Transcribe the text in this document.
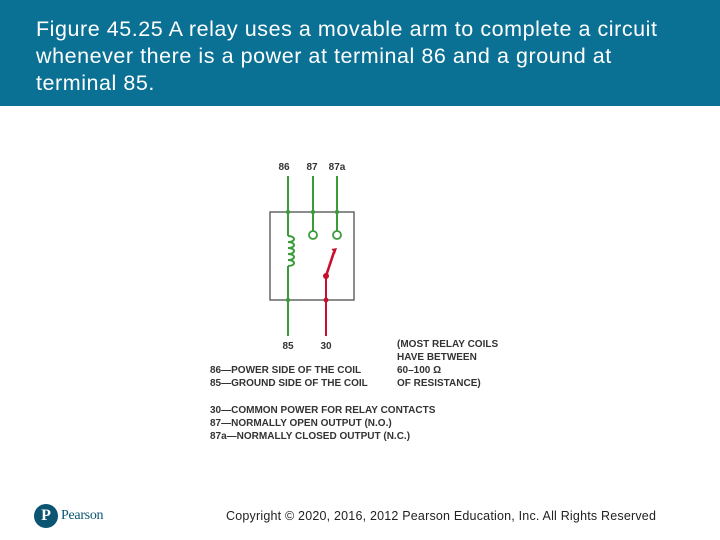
Figure 45.25 A relay uses a movable arm to complete a circuit whenever there is a power at terminal 86 and a ground at terminal 85.
86 87 87a
85	30	(MOST RELAY COILS
HAVE BETWEEN
60–100 Ω
OF RESISTANCE)
86—POWER SIDE OF THE COIL
85—GROUND SIDE OF THE COIL
30—COMMON POWER FOR RELAY CONTACTS
87—NORMALLY OPEN OUTPUT (N.O.)
87a—NORMALLY CLOSED OUTPUT (N.C.)
P Pearson	Copyright © 2020, 2016, 2012 Pearson Education, Inc. All Rights Reserved
